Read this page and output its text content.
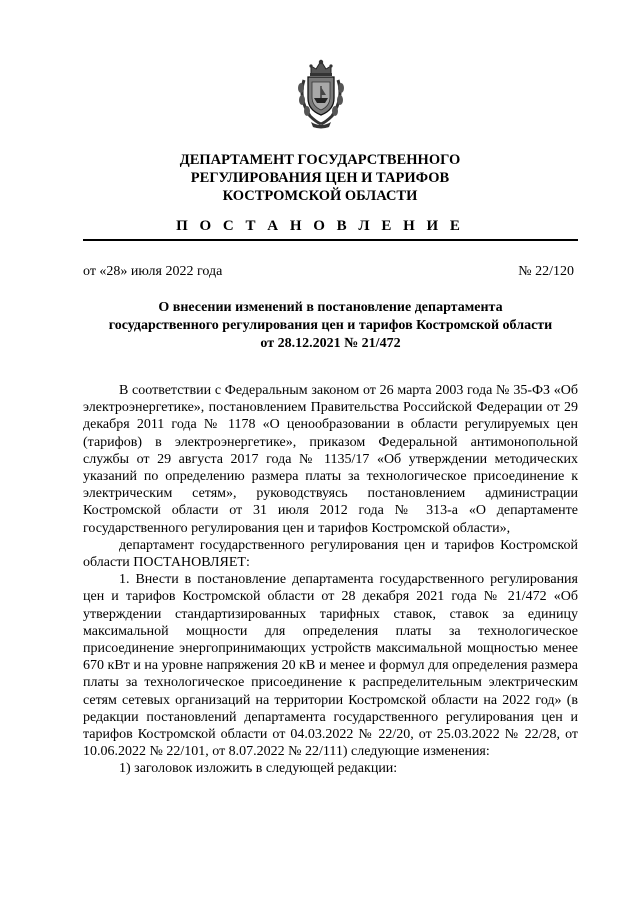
ДЕПАРТАМЕНТ ГОСУДАРСТВЕННОГО
РЕГУЛИРОВАНИЯ ЦЕН И ТАРИФОВ
КОСТРОМСКОЙ ОБЛАСТИ
П О С Т А Н О В Л Е Н И Е
от «28» июля 2022 года	№ 22/120
О внесении изменений в постановление департамента
государственного регулирования цен и тарифов Костромской области
от 28.12.2021 № 21/472

В соответствии с Федеральным законом от 26 марта 2003 года № 35-ФЗ «Об электроэнергетике», постановлением Правительства Российской Федерации от 29 декабря 2011 года № 1178 «О ценообразовании в области регулируемых цен (тарифов) в электроэнергетике», приказом Федеральной антимонопольной службы от 29 августа 2017 года № 1135/17 «Об утверждении методических указаний по определению размера платы за технологическое присоединение к электрическим сетям», руководствуясь постановлением администрации Костромской области от 31 июля 2012 года № 313-а «О департаменте государственного регулирования цен и тарифов Костромской области»,

департамент государственного регулирования цен и тарифов Костромской области ПОСТАНОВЛЯЕТ:

1. Внести в постановление департамента государственного регулирования цен и тарифов Костромской области от 28 декабря 2021 года № 21/472 «Об утверждении стандартизированных тарифных ставок, ставок за единицу максимальной мощности для определения платы за технологическое присоединение энергопринимающих устройств максимальной мощностью менее 670 кВт и на уровне напряжения 20 кВ и менее и формул для определения размера платы за технологическое присоединение к распределительным электрическим сетям сетевых организаций на территории Костромской области на 2022 год» (в редакции постановлений департамента государственного регулирования цен и тарифов Костромской области от 04.03.2022 № 22/20, от 25.03.2022 № 22/28, от 10.06.2022 № 22/101, от 8.07.2022 № 22/111) следующие изменения:

1) заголовок изложить в следующей редакции:
